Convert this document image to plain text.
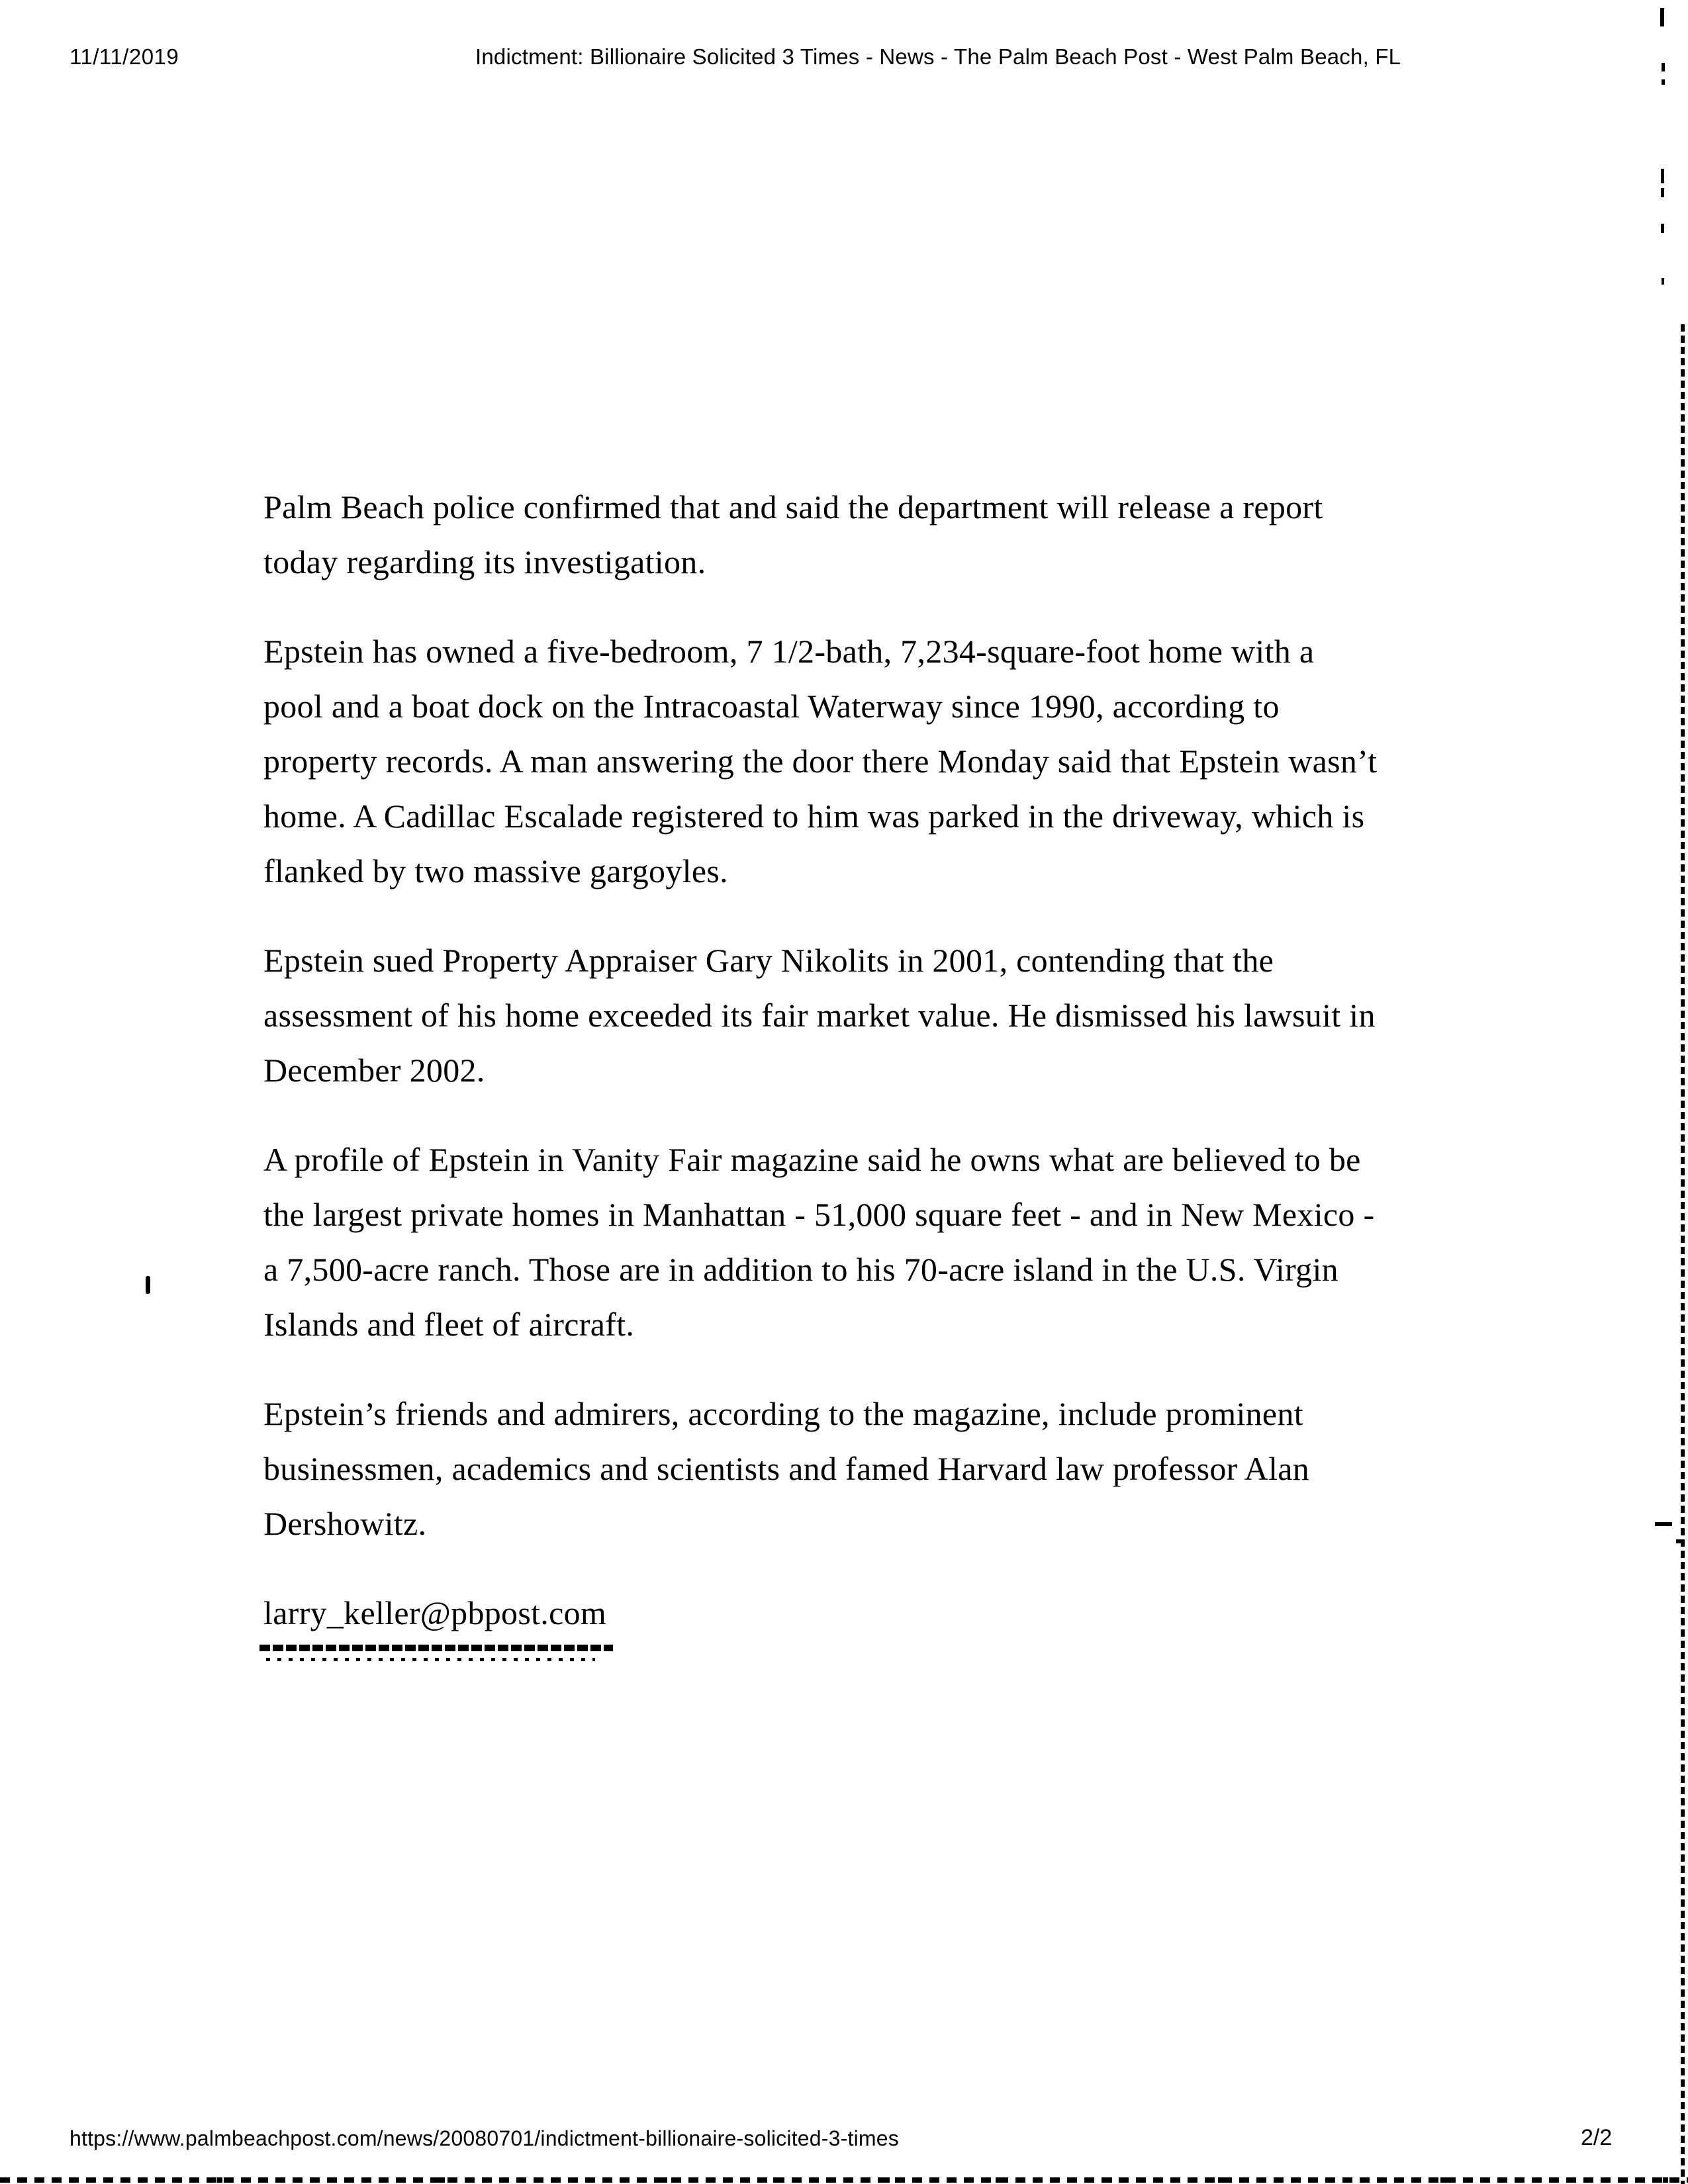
11/11/2019	Indictment: Billionaire Solicited 3 Times - News - The Palm Beach Post - West Palm Beach, FL

Palm Beach police confirmed that and said the department will release a report today regarding its investigation.

Epstein has owned a five-bedroom, 7 1/2-bath, 7,234-square-foot home with a pool and a boat dock on the Intracoastal Waterway since 1990, according to property records. A man answering the door there Monday said that Epstein wasn’t home. A Cadillac Escalade registered to him was parked in the driveway, which is flanked by two massive gargoyles.

Epstein sued Property Appraiser Gary Nikolits in 2001, contending that the assessment of his home exceeded its fair market value. He dismissed his lawsuit in December 2002.

A profile of Epstein in Vanity Fair magazine said he owns what are believed to be the largest private homes in Manhattan - 51,000 square feet - and in New Mexico - a 7,500-acre ranch. Those are in addition to his 70-acre island in the U.S. Virgin Islands and fleet of aircraft.

Epstein’s friends and admirers, according to the magazine, include prominent businessmen, academics and scientists and famed Harvard law professor Alan Dershowitz.

larry_keller@pbpost.com

https://www.palmbeachpost.com/news/20080701/indictment-billionaire-solicited-3-times	2/2
